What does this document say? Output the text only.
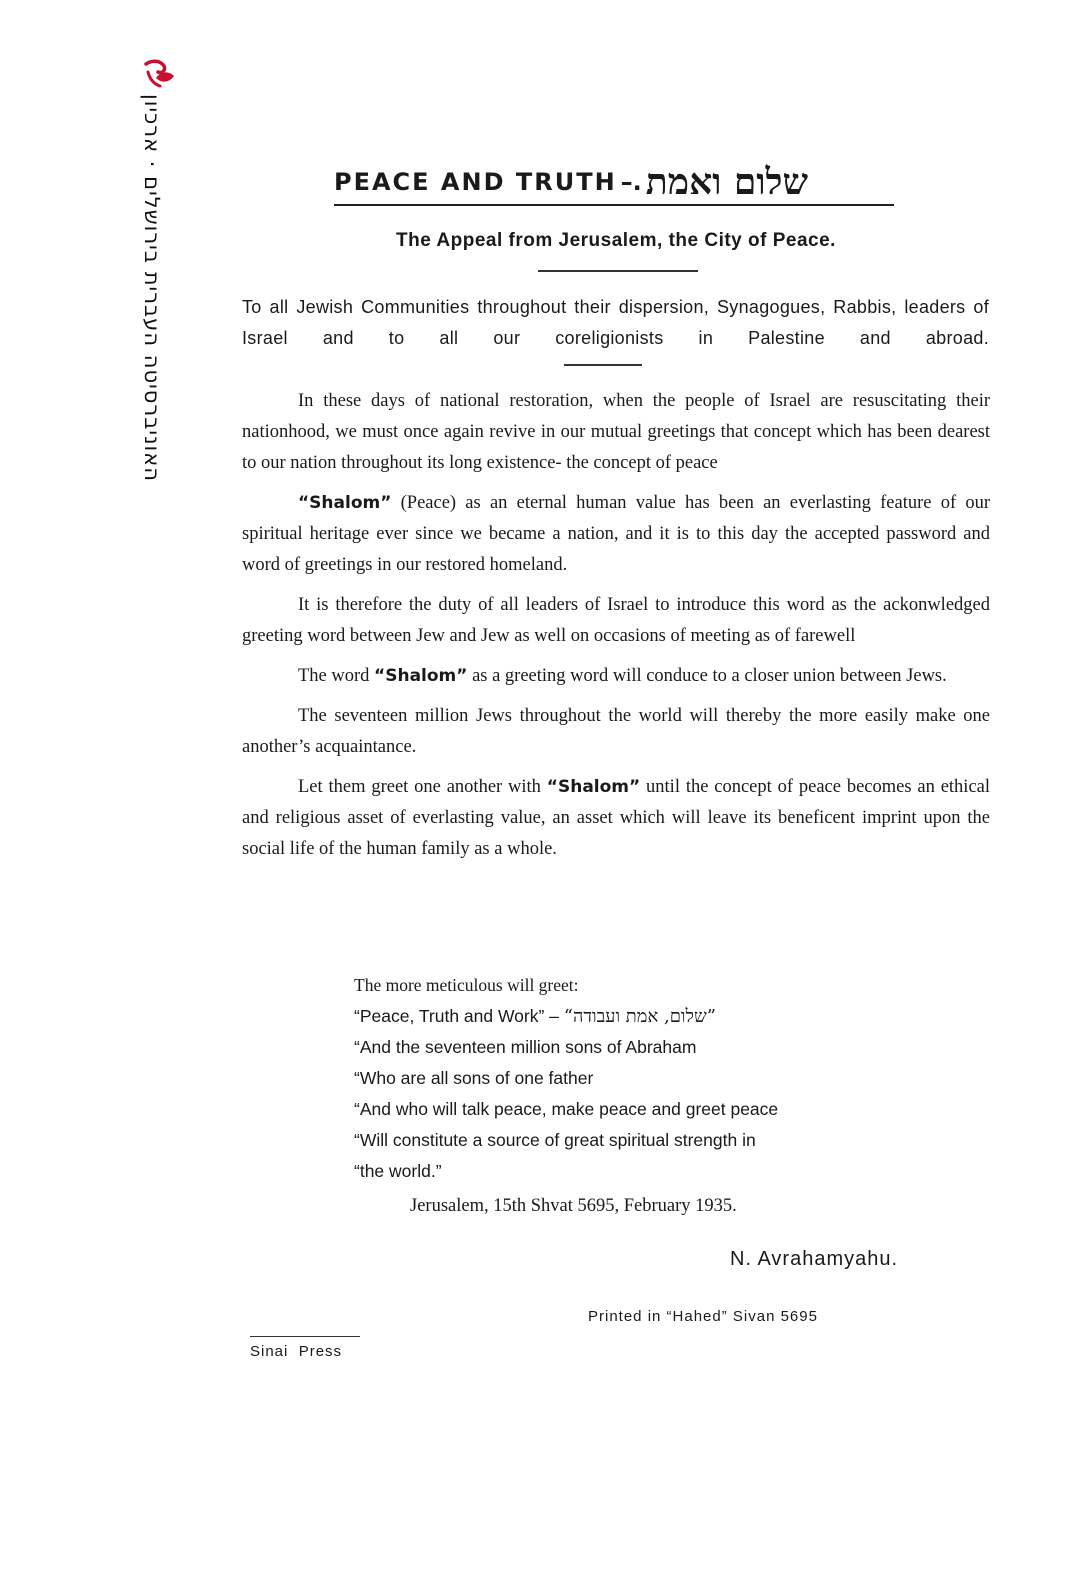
האוניברסיטה העברית בירושלים · ארכיון	PEACE AND TRUTH –. שלום ואמת
The Appeal from Jerusalem, the City of Peace.
To all Jewish Communities throughout their dispersion, Synagogues, Rabbis, leaders of Israel and to all our coreligionists in Palestine and abroad.

In these days of national restoration, when the people of Israel are resuscitating their nationhood, we must once again revive in our mutual greetings that concept which has been dearest to our nation throughout its long existence- the concept of peace

“Shalom” (Peace) as an eternal human value has been an everlasting feature of our spiritual heritage ever since we became a nation, and it is to this day the accepted password and word of greetings in our restored homeland.

It is therefore the duty of all leaders of Israel to introduce this word as the ackonwledged greeting word between Jew and Jew as well on occasions of meeting as of farewell

The word “Shalom” as a greeting word will conduce to a closer union between Jews.

The seventeen million Jews throughout the world will thereby the more easily make one another’s acquaintance.

Let them greet one another with “Shalom” until the concept of peace becomes an ethical and religious asset of everlasting value, an asset which will leave its beneficent imprint upon the social life of the human family as a whole.

The more meticulous will greet:
“Peace, Truth and Work” – ”שלום, אמת ועבודה“
“And the seventeen million sons of Abraham
“Who are all sons of one father
“And who will talk peace, make peace and greet peace
“Will constitute a source of great spiritual strength in
“the world.”
Jerusalem, 15th Shvat 5695, February 1935.
N. Avrahamyahu.
Printed in “Hahed” Sivan 5695
Sinai  Press
